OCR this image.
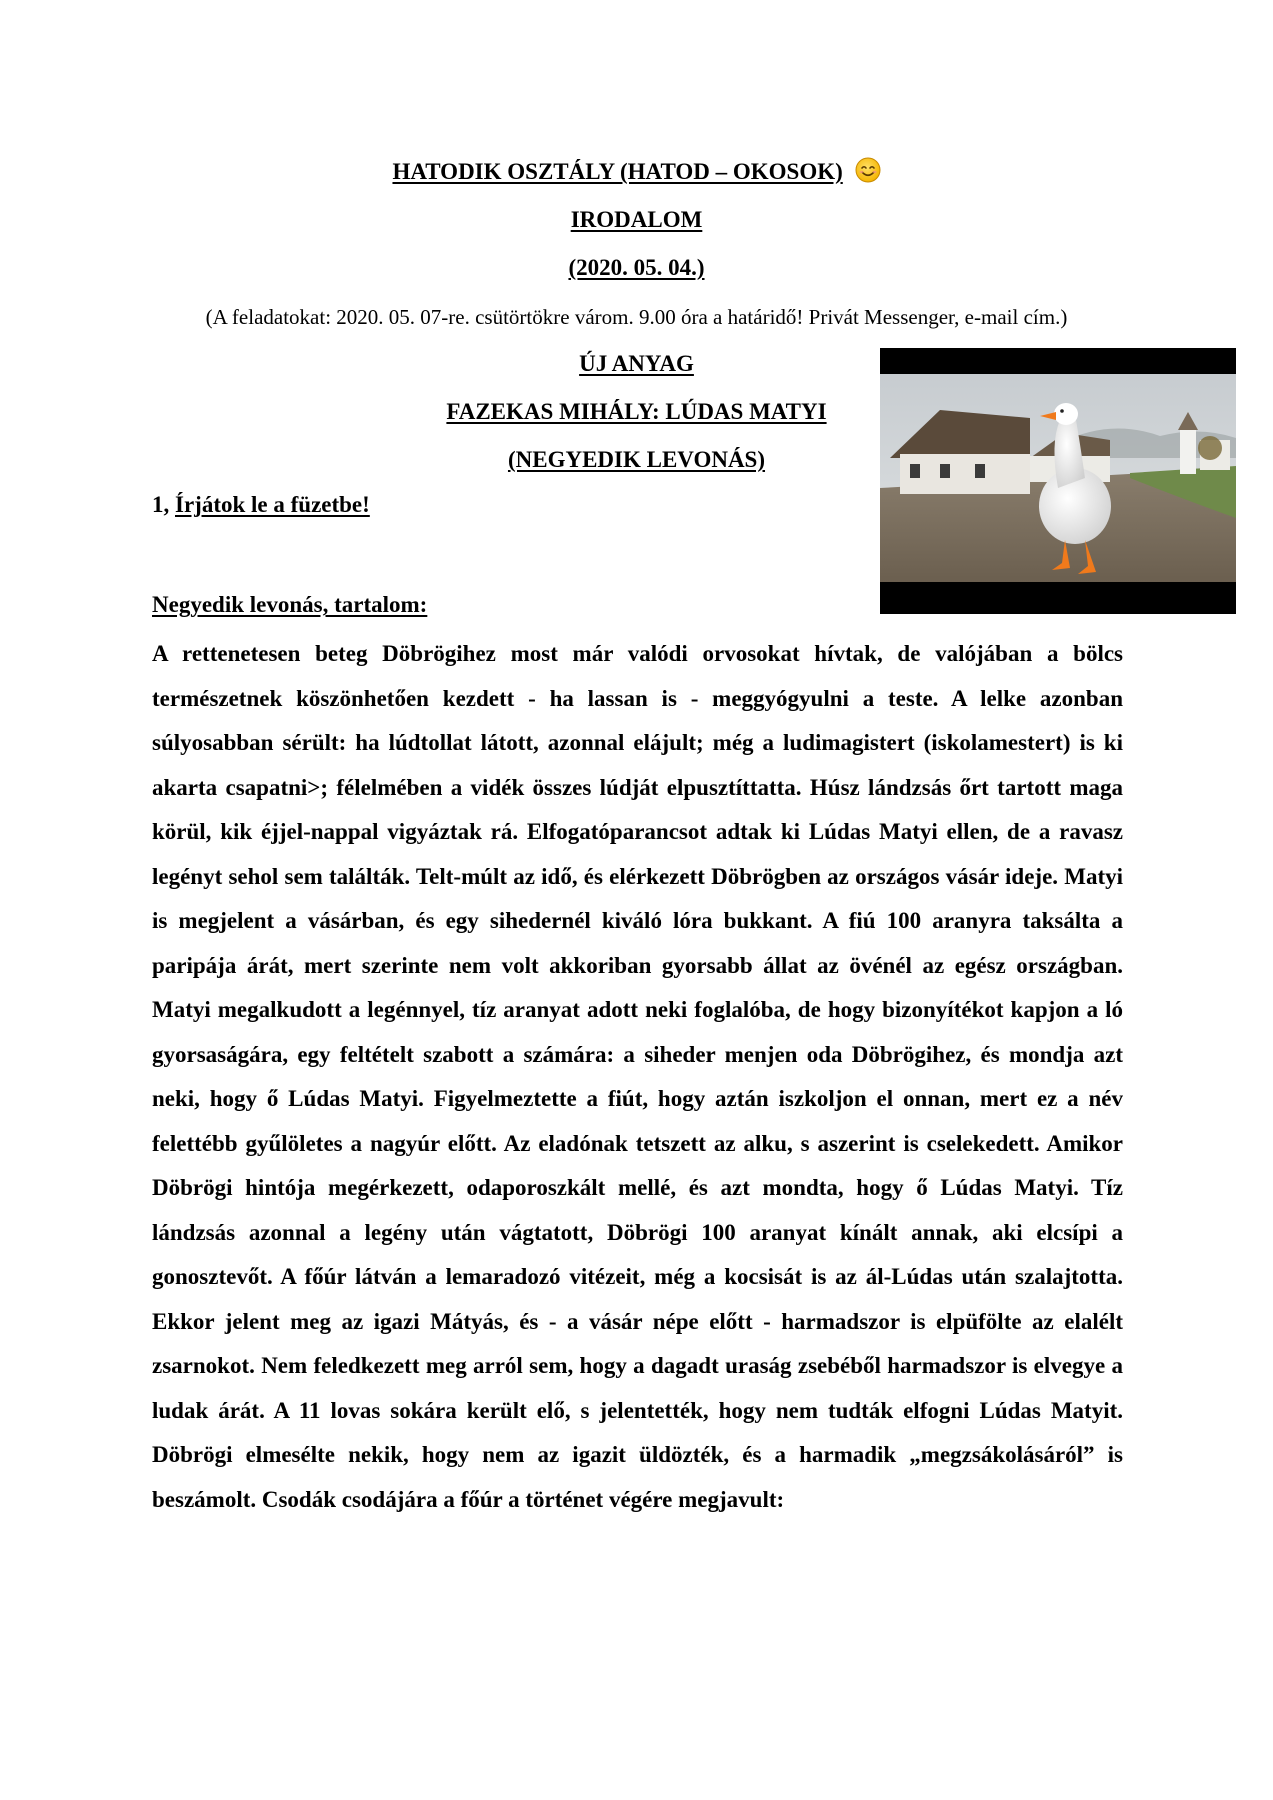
HATODIK OSZTÁLY (HATOD – OKOSOK)
IRODALOM
(2020. 05. 04.)
(A feladatokat: 2020. 05. 07-re. csütörtökre várom. 9.00 óra a határidő! Privát Messenger, e-mail cím.)
ÚJ ANYAG
FAZEKAS MIHÁLY: LÚDAS MATYI
(NEGYEDIK LEVONÁS)
1, Írjátok le a füzetbe!
Negyedik levonás, tartalom:

A rettenetesen beteg Döbrögihez most már valódi orvosokat hívtak, de valójában a bölcs természetnek köszönhetően kezdett - ha lassan is - meggyógyulni a teste. A lelke azonban súlyosabban sérült: ha lúdtollat látott, azonnal elájult; még a ludimagistert (iskolamestert) is ki akarta csapatni>; félelmében a vidék összes lúdját elpusztíttatta. Húsz lándzsás őrt tartott maga körül, kik éjjel-nappal vigyáztak rá. Elfogatóparancsot adtak ki Lúdas Matyi ellen, de a ravasz legényt sehol sem találták. Telt-múlt az idő, és elérkezett Döbrögben az országos vásár ideje. Matyi is megjelent a vásárban, és egy sihedernél kiváló lóra bukkant. A fiú 100 aranyra taksálta a paripája árát, mert szerinte nem volt akkoriban gyorsabb állat az övénél az egész országban. Matyi megalkudott a legénnyel, tíz aranyat adott neki foglalóba, de hogy bizonyítékot kapjon a ló gyorsaságára, egy feltételt szabott a számára: a siheder menjen oda Döbrögihez, és mondja azt neki, hogy ő Lúdas Matyi. Figyelmeztette a fiút, hogy aztán iszkoljon el onnan, mert ez a név felettébb gyűlöletes a nagyúr előtt. Az eladónak tetszett az alku, s aszerint is cselekedett. Amikor Döbrögi hintója megérkezett, odaporoszkált mellé, és azt mondta, hogy ő Lúdas Matyi. Tíz lándzsás azonnal a legény után vágtatott, Döbrögi 100 aranyat kínált annak, aki elcsípi a gonosztevőt. A főúr látván a lemaradozó vitézeit, még a kocsisát is az ál-Lúdas után szalajtotta. Ekkor jelent meg az igazi Mátyás, és - a vásár népe előtt - harmadszor is elpüfölte az elalélt zsarnokot. Nem feledkezett meg arról sem, hogy a dagadt uraság zsebéből harmadszor is elvegye a ludak árát. A 11 lovas sokára került elő, s jelentették, hogy nem tudták elfogni Lúdas Matyit. Döbrögi elmesélte nekik, hogy nem az igazit üldözték, és a harmadik „megzsákolásáról” is beszámolt. Csodák csodájára a főúr a történet végére megjavult:
